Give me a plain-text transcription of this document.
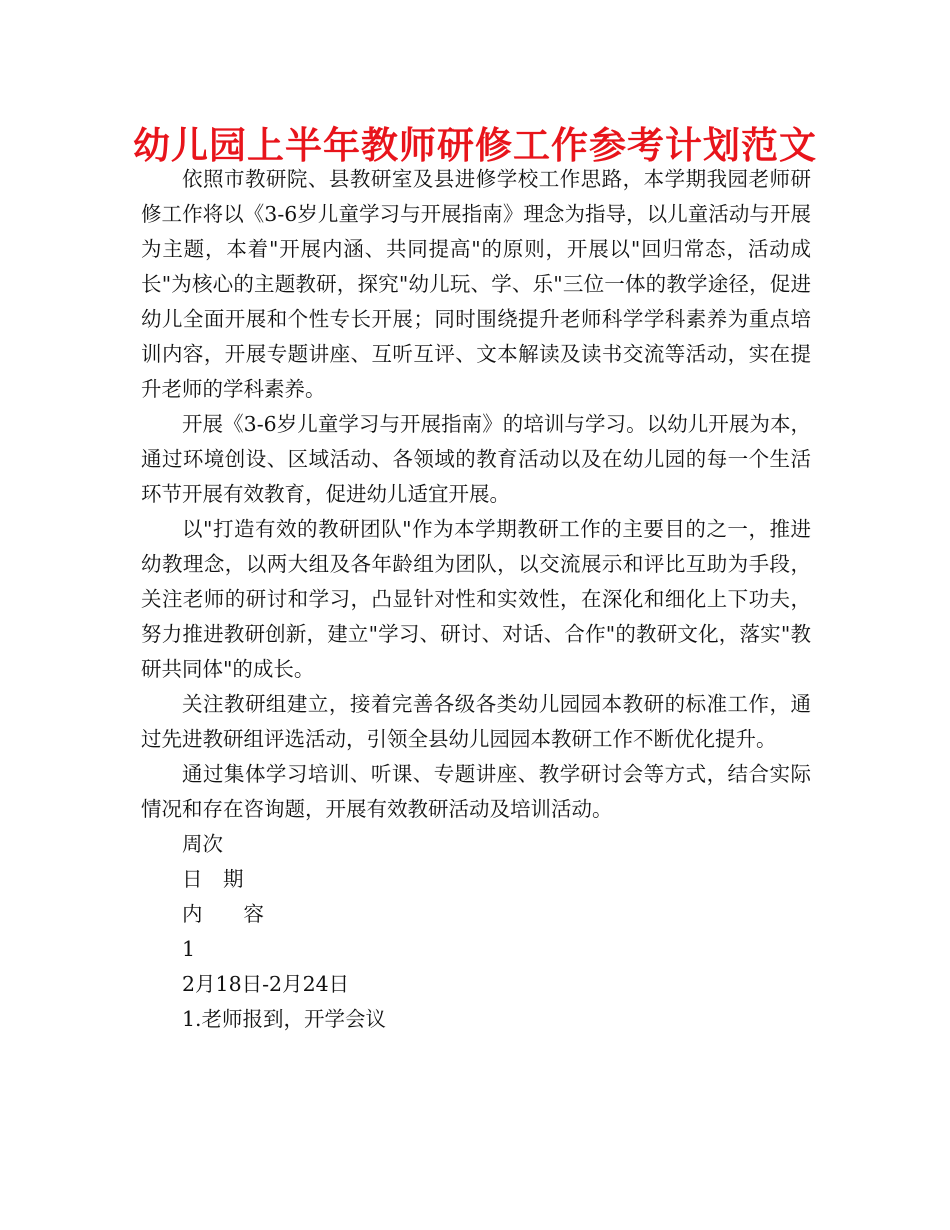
幼儿园上半年教师研修工作参考计划范文

依照市教研院、县教研室及县进修学校工作思路，本学期我园老师研修工作将以《3-6岁儿童学习与开展指南》理念为指导，以儿童活动与开展为主题，本着"开展内涵、共同提高"的原则，开展以"回归常态，活动成长"为核心的主题教研，探究"幼儿玩、学、乐"三位一体的教学途径，促进幼儿全面开展和个性专长开展；同时围绕提升老师科学学科素养为重点培训内容，开展专题讲座、互听互评、文本解读及读书交流等活动，实在提升老师的学科素养。

开展《3-6岁儿童学习与开展指南》的培训与学习。以幼儿开展为本，通过环境创设、区域活动、各领域的教育活动以及在幼儿园的每一个生活环节开展有效教育，促进幼儿适宜开展。

以"打造有效的教研团队"作为本学期教研工作的主要目的之一，推进幼教理念，以两大组及各年龄组为团队，以交流展示和评比互助为手段，关注老师的研讨和学习，凸显针对性和实效性，在深化和细化上下功夫，努力推进教研创新，建立"学习、研讨、对话、合作"的教研文化，落实"教研共同体"的成长。

关注教研组建立，接着完善各级各类幼儿园园本教研的标准工作，通过先进教研组评选活动，引领全县幼儿园园本教研工作不断优化提升。

通过集体学习培训、听课、专题讲座、教学研讨会等方式，结合实际情况和存在咨询题，开展有效教研活动及培训活动。

周次

日　期

内　　容

1

2月18日-2月24日

1.老师报到，开学会议
